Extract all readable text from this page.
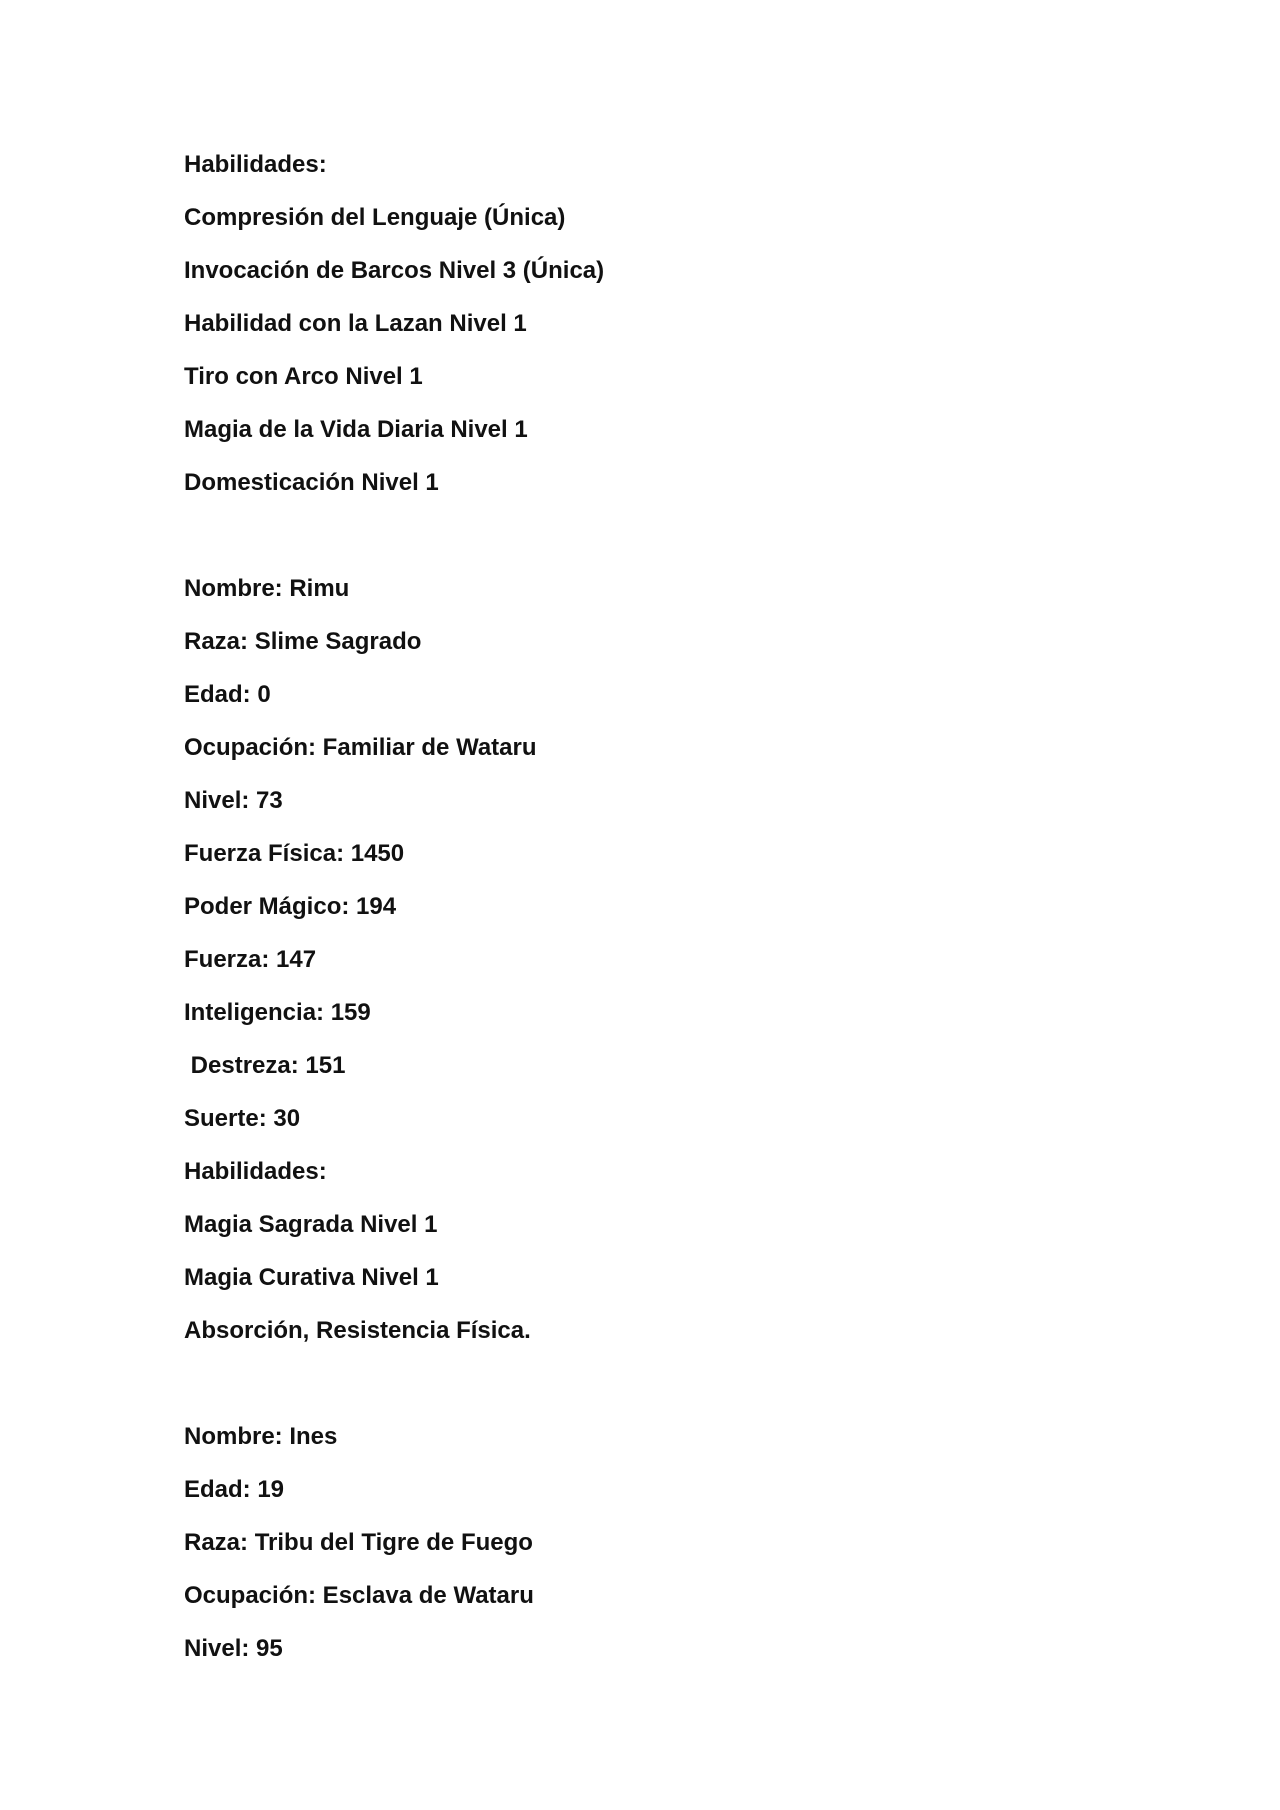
Habilidades:
Compresión del Lenguaje (Única)
Invocación de Barcos Nivel 3 (Única)
Habilidad con la Lazan Nivel 1
Tiro con Arco Nivel 1
Magia de la Vida Diaria Nivel 1
Domesticación Nivel 1
Nombre: Rimu
Raza: Slime Sagrado
Edad: 0
Ocupación: Familiar de Wataru
Nivel: 73
Fuerza Física: 1450
Poder Mágico: 194
Fuerza: 147
Inteligencia: 159
Destreza: 151
Suerte: 30
Habilidades:
Magia Sagrada Nivel 1
Magia Curativa Nivel 1
Absorción, Resistencia Física.
Nombre: Ines
Edad: 19
Raza: Tribu del Tigre de Fuego
Ocupación: Esclava de Wataru
Nivel: 95
